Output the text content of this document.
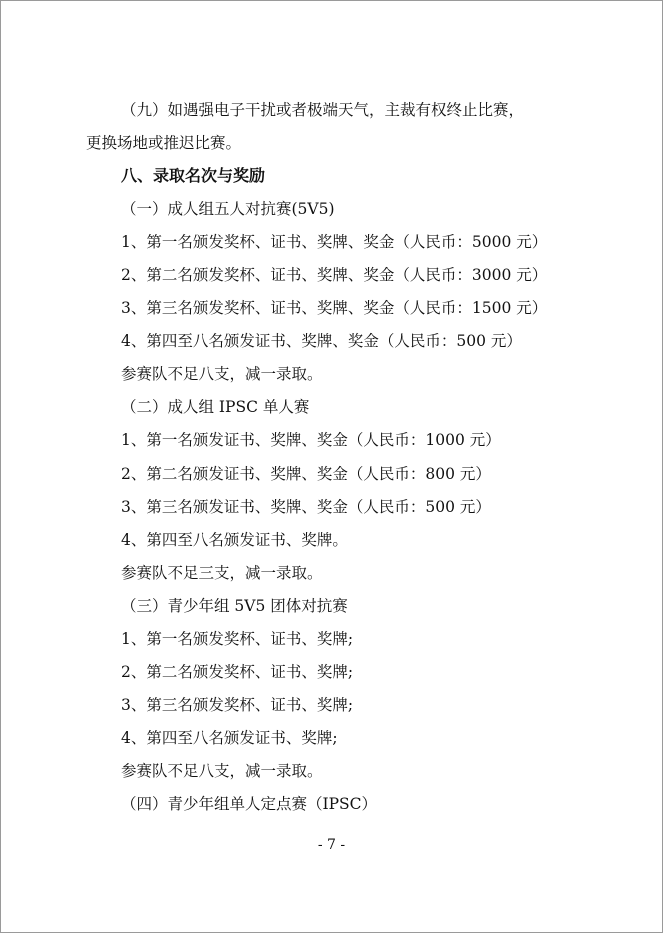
（九）如遇强电子干扰或者极端天气，主裁有权终止比赛，
更换场地或推迟比赛。
八、录取名次与奖励
（一）成人组五人对抗赛(5V5)
1、第一名颁发奖杯、证书、奖牌、奖金（人民币：5000 元）
2、第二名颁发奖杯、证书、奖牌、奖金（人民币：3000 元）
3、第三名颁发奖杯、证书、奖牌、奖金（人民币：1500 元）
4、第四至八名颁发证书、奖牌、奖金（人民币：500 元）
参赛队不足八支，减一录取。
（二）成人组 IPSC 单人赛
1、第一名颁发证书、奖牌、奖金（人民币：1000 元）
2、第二名颁发证书、奖牌、奖金（人民币：800 元）
3、第三名颁发证书、奖牌、奖金（人民币：500 元）
4、第四至八名颁发证书、奖牌。
参赛队不足三支，减一录取。
（三）青少年组 5V5 团体对抗赛
1、第一名颁发奖杯、证书、奖牌;
2、第二名颁发奖杯、证书、奖牌;
3、第三名颁发奖杯、证书、奖牌;
4、第四至八名颁发证书、奖牌;
参赛队不足八支，减一录取。
（四）青少年组单人定点赛（IPSC）
- 7 -
